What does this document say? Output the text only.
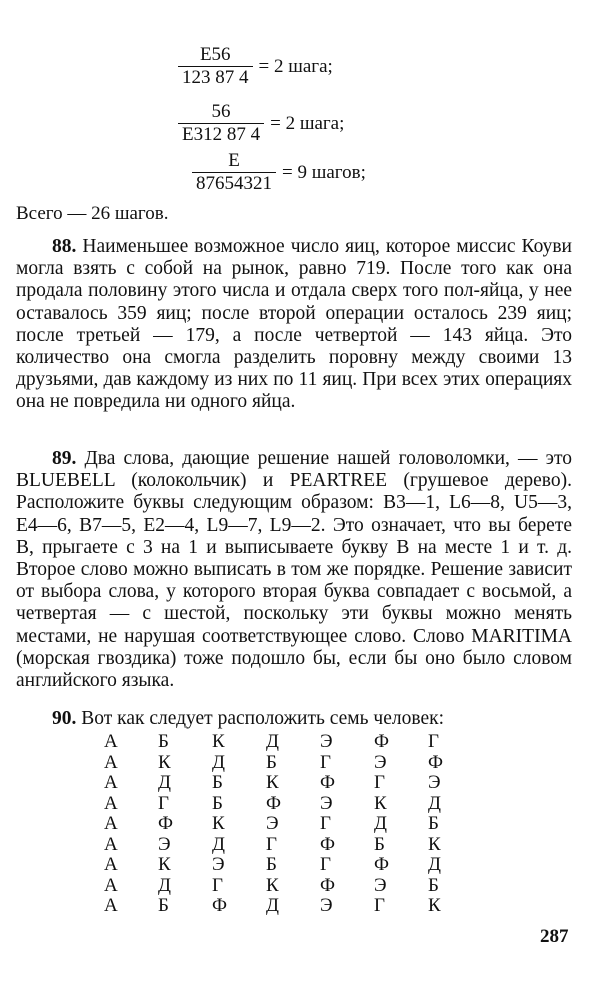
$\frac{E56}{123 87 4} = 2$ шага;
$\frac{56}{E312 87 4} = 2$ шага;
$\frac{E}{87654321} = 9$ шагов;
Всего — 26 шагов.

88. Наименьшее возможное число яиц, которое миссис Коуви могла взять с собой на рынок, равно 719. После того как она продала половину этого числа и отдала сверх того пол-яйца, у нее оставалось 359 яиц; после второй операции осталось 239 яиц; после третьей — 179, а после четвертой — 143 яйца. Это количество она смогла разделить поровну между своими 13 друзьями, дав каждому из них по 11 яиц. При всех этих операциях она не повредила ни одного яйца.

89. Два слова, дающие решение нашей головоломки, — это BLUEBELL (колокольчик) и PEARTREE (грушевое дерево). Расположите буквы следующим образом: B3—1, L6—8, U5—3, E4—6, B7—5, E2—4, L9—7, L9—2. Это означает, что вы берете B, прыгаете с 3 на 1 и выписываете букву B на месте 1 и т. д. Второе слово можно выписать в том же порядке. Решение зависит от выбора слова, у которого вторая буква совпадает с восьмой, а четвертая — с шестой, поскольку эти буквы можно менять местами, не нарушая соответствующее слово. Слово MARITIMA (морская гвоздика) тоже подошло бы, если бы оно было словом английского языка.

90. Вот как следует расположить семь человек:
А	Б	К	Д	Э	Ф	Г
А	К	Д	Б	Г	Э	Ф
А	Д	Б	К	Ф	Г	Э
А	Г	Б	Ф	Э	К	Д
А	Ф	К	Э	Г	Д	Б
А	Э	Д	Г	Ф	Б	К
А	К	Э	Б	Г	Ф	Д
А	Д	Г	К	Ф	Э	Б
А	Б	Ф	Д	Э	Г	К
287
